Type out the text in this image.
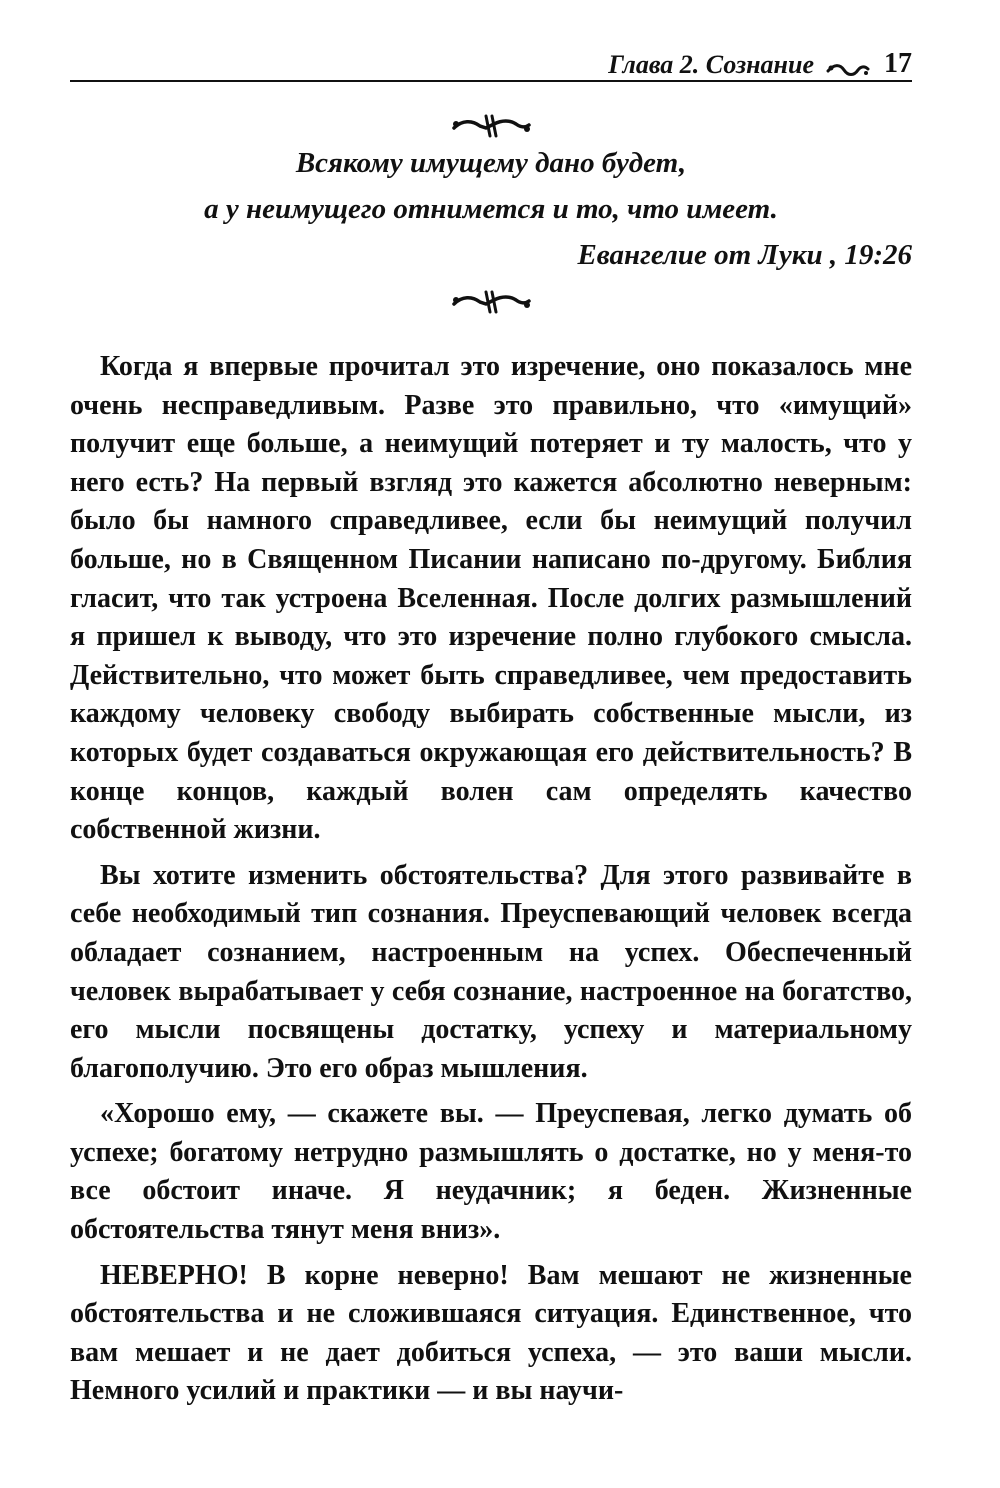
Глава 2. Сознание	17
Всякому имущему дано будет,
а у неимущего отнимется и то, что имеет.
Евангелие от Луки , 19:26

Когда я впервые прочитал это изречение, оно показалось мне очень несправедливым. Разве это правильно, что «имущий» получит еще больше, а неимущий потеряет и ту малость, что у него есть? На первый взгляд это кажется абсолютно неверным: было бы намного справедливее, если бы неимущий получил больше, но в Священном Писании написано по-другому. Библия гласит, что так устроена Вселенная. После долгих размышлений я пришел к выводу, что это изречение полно глубокого смысла. Действительно, что может быть справедливее, чем предоставить каждому человеку свободу выбирать собственные мысли, из которых будет создаваться окружающая его действительность? В конце концов, каждый волен сам определять качество собственной жизни.

Вы хотите изменить обстоятельства? Для этого развивайте в себе необходимый тип сознания. Преуспевающий человек всегда обладает сознанием, настроенным на успех. Обеспеченный человек вырабатывает у себя сознание, настроенное на богатство, его мысли посвящены достатку, успеху и материальному благополучию. Это его образ мышления.

«Хорошо ему, — скажете вы. — Преуспевая, легко думать об успехе; богатому нетрудно размышлять о достатке, но у меня-то все обстоит иначе. Я неудачник; я беден. Жизненные обстоятельства тянут меня вниз».

НЕВЕРНО! В корне неверно! Вам мешают не жизненные обстоятельства и не сложившаяся ситуация. Единственное, что вам мешает и не дает добиться успеха, — это ваши мысли. Немного усилий и практики — и вы научи-
